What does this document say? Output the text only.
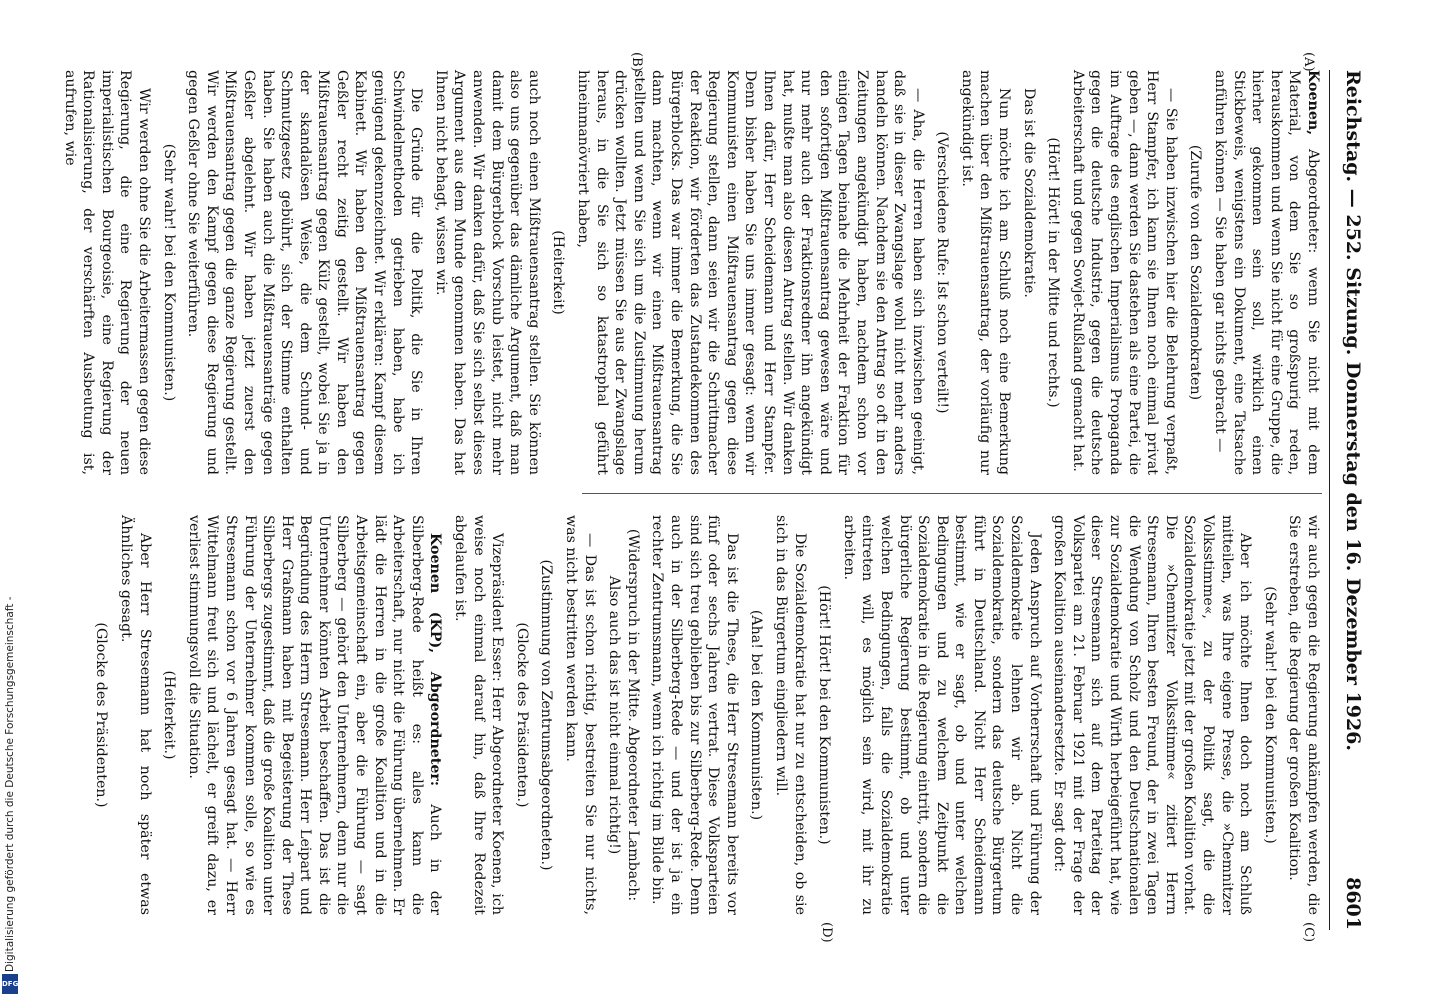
Reichstag. — 252. Sitzung. Donnerstag den 16. Dezember 1926.
8601
(A)
(B)
(C)
(D)

Koenen, Abgeordneter: wenn Sie nicht mit dem Material, von dem Sie so großspurig reden, herauskommen und wenn Sie nicht für eine Gruppe, die hierher gekommen sein soll, wirklich einen Stickbeweis, wenigstens ein Dokument, eine Tatsache anführen können — Sie haben gar nichts gebracht —

(Zurufe von den Sozialdemokraten)

— Sie haben inzwischen hier die Belehrung verpaßt, Herr Stampfer, ich kann sie Ihnen noch einmal privat geben —, dann werden Sie dastehen als eine Partei, die im Auftrage des englischen Imperialismus Propaganda gegen die deutsche Industrie, gegen die deutsche Arbeiterschaft und gegen Sowjet-Rußland gemacht hat.

(Hört! Hört! in der Mitte und rechts.)

Das ist die Sozialdemokratie.

Nun möchte ich am Schluß noch eine Bemerkung machen über den Mißtrauensantrag, der vorläufig nur angekündigt ist.

(Verschiedene Rufe: Ist schon verteilt!)

— Aha, die Herren haben sich inzwischen geeinigt, daß sie in dieser Zwangslage wohl nicht mehr anders handeln können. Nachdem sie den Antrag so oft in den Zeitungen angekündigt haben, nachdem schon vor einigen Tagen beinahe die Mehrheit der Fraktion für den sofortigen Mißtrauensantrag gewesen wäre und nur mehr auch der Fraktionsredner ihn angekündigt hat, mußte man also diesen Antrag stellen. Wir danken Ihnen dafür, Herr Scheidemann und Herr Stampfer. Denn bisher haben Sie uns immer gesagt: wenn wir Kommunisten einen Mißtrauensantrag gegen diese Regierung stellen, dann seien wir die Schrittmacher der Reaktion, wir förderten das Zustandekommen des Bürgerblocks. Das war immer die Bemerkung, die Sie dann machten, wenn wir einen Mißtrauensantrag stellten und wenn Sie sich um die Zustimmung herum drücken wollten. Jetzt müssen Sie aus der Zwangslage heraus, in die Sie sich so katastrophal geführt hineinmanövriert haben,

(Heiterkeit)

auch noch einen Mißtrauensantrag stellen. Sie können also uns gegenüber das dämliche Argument, daß man damit dem Bürgerblock Vorschub leistet, nicht mehr anwenden. Wir danken dafür, daß Sie sich selbst dieses Argument aus dem Munde genommen haben. Das hat Ihnen nicht behagt, wissen wir.

Die Gründe für die Politik, die Sie in Ihren Schwindelmethoden getrieben haben, habe ich genügend gekennzeichnet. Wir erklären: Kampf diesem Kabinett. Wir haben den Mißtrauensantrag gegen Geßler recht zeitig gestellt. Wir haben den Mißtrauensantrag gegen Külz gestellt, wobei Sie ja in der skandalösen Weise, die dem Schund- und Schmutzgesetz gebührt, sich der Stimme enthalten haben. Sie haben auch die Mißtrauensanträge gegen Geßler abgelehnt. Wir haben jetzt zuerst den Mißtrauensantrag gegen die ganze Regierung gestellt. Wir werden den Kampf gegen diese Regierung und gegen Geßler ohne Sie weiterführen.

(Sehr wahr! bei den Kommunisten.)

Wir werden ohne Sie die Arbeitermassen gegen diese Regierung, die eine Regierung der neuen imperialistischen Bourgeoisie, eine Regierung der Rationalisierung, der verschärften Ausbeutung ist, aufrufen, wie

wir auch gegen die Regierung ankämpfen werden, die Sie erstreben, die Regierung der großen Koalition.

(Sehr wahr! bei den Kommunisten.)

Aber ich möchte Ihnen doch noch am Schluß mitteilen, was Ihre eigene Presse, die »Chemnitzer Volksstimme«, zu der Politik sagt, die die Sozialdemokratie jetzt mit der großen Koalition vorhat. Die »Chemnitzer Volksstimme« zitiert Herrn Stresemann, Ihren besten Freund, der in zwei Tagen die Wendung von Scholz und den Deutschnationalen zur Sozialdemokratie und Wirth herbeigeführt hat, wie dieser Stresemann sich auf dem Parteitag der Volkspartei am 21. Februar 1921 mit der Frage der großen Koalition auseinandersetzte. Er sagt dort:

Jeden Anspruch auf Vorherrschaft und Führung der Sozialdemokratie lehnen wir ab. Nicht die Sozialdemokratie, sondern das deutsche Bürgertum führt in Deutschland. Nicht Herr Scheidemann bestimmt, wie er sagt, ob und unter welchen Bedingungen und zu welchem Zeitpunkt die Sozialdemokratie in die Regierung eintritt, sondern die bürgerliche Regierung bestimmt, ob und unter welchen Bedingungen, falls die Sozialdemokratie eintreten will, es möglich sein wird, mit ihr zu arbeiten.

(Hört! Hört! bei den Kommunisten.)

Die Sozialdemokratie hat nur zu entscheiden, ob sie sich in das Bürgertum eingliedern will.

(Aha! bei den Kommunisten.)

Das ist die These, die Herr Stresemann bereits vor fünf oder sechs Jahren vertrat. Diese Volksparteien sind sich treu geblieben bis zur Silberberg-Rede. Denn auch in der Silberberg-Rede — und der ist ja ein rechter Zentrumsmann, wenn ich richtig im Bilde bin.

(Widerspruch in der Mitte. Abgeordneter Lambach: Also auch das ist nicht einmal richtig!)

— Das ist schon richtig, bestreiten Sie nur nichts, was nicht bestritten werden kann.

(Zustimmung von Zentrumsabgeordneten.)

(Glocke des Präsidenten.)

Vizepräsident Esser: Herr Abgeordneter Koenen, ich weise noch einmal darauf hin, daß Ihre Redezeit abgelaufen ist.

Koenen (KP), Abgeordneter: Auch in der Silberberg-Rede heißt es: alles kann die Arbeiterschaft, nur nicht die Führung übernehmen. Er lädt die Herren in die große Koalition und in die Arbeitsgemeinschaft ein, aber die Führung — sagt Silberberg — gehört den Unternehmern, denn nur die Unternehmer könnten Arbeit beschaffen. Das ist die Begründung des Herrn Stresemann. Herr Leipart und Herr Graßmann haben mit Begeisterung der These Silberbergs zugestimmt, daß die große Koalition unter Führung der Unternehmer kommen solle, so wie es Stresemann schon vor 6 Jahren gesagt hat. — Herr Wittelmann freut sich und lächelt, er greift dazu, er verliest stimmungsvoll die Situation.

(Heiterkeit.)

Aber Herr Stresemann hat noch später etwas Ähnliches gesagt.

(Glocke des Präsidenten.)

Digitalisierung gefördert durch die Deutsche Forschungsgemeinschaft -
DFG
